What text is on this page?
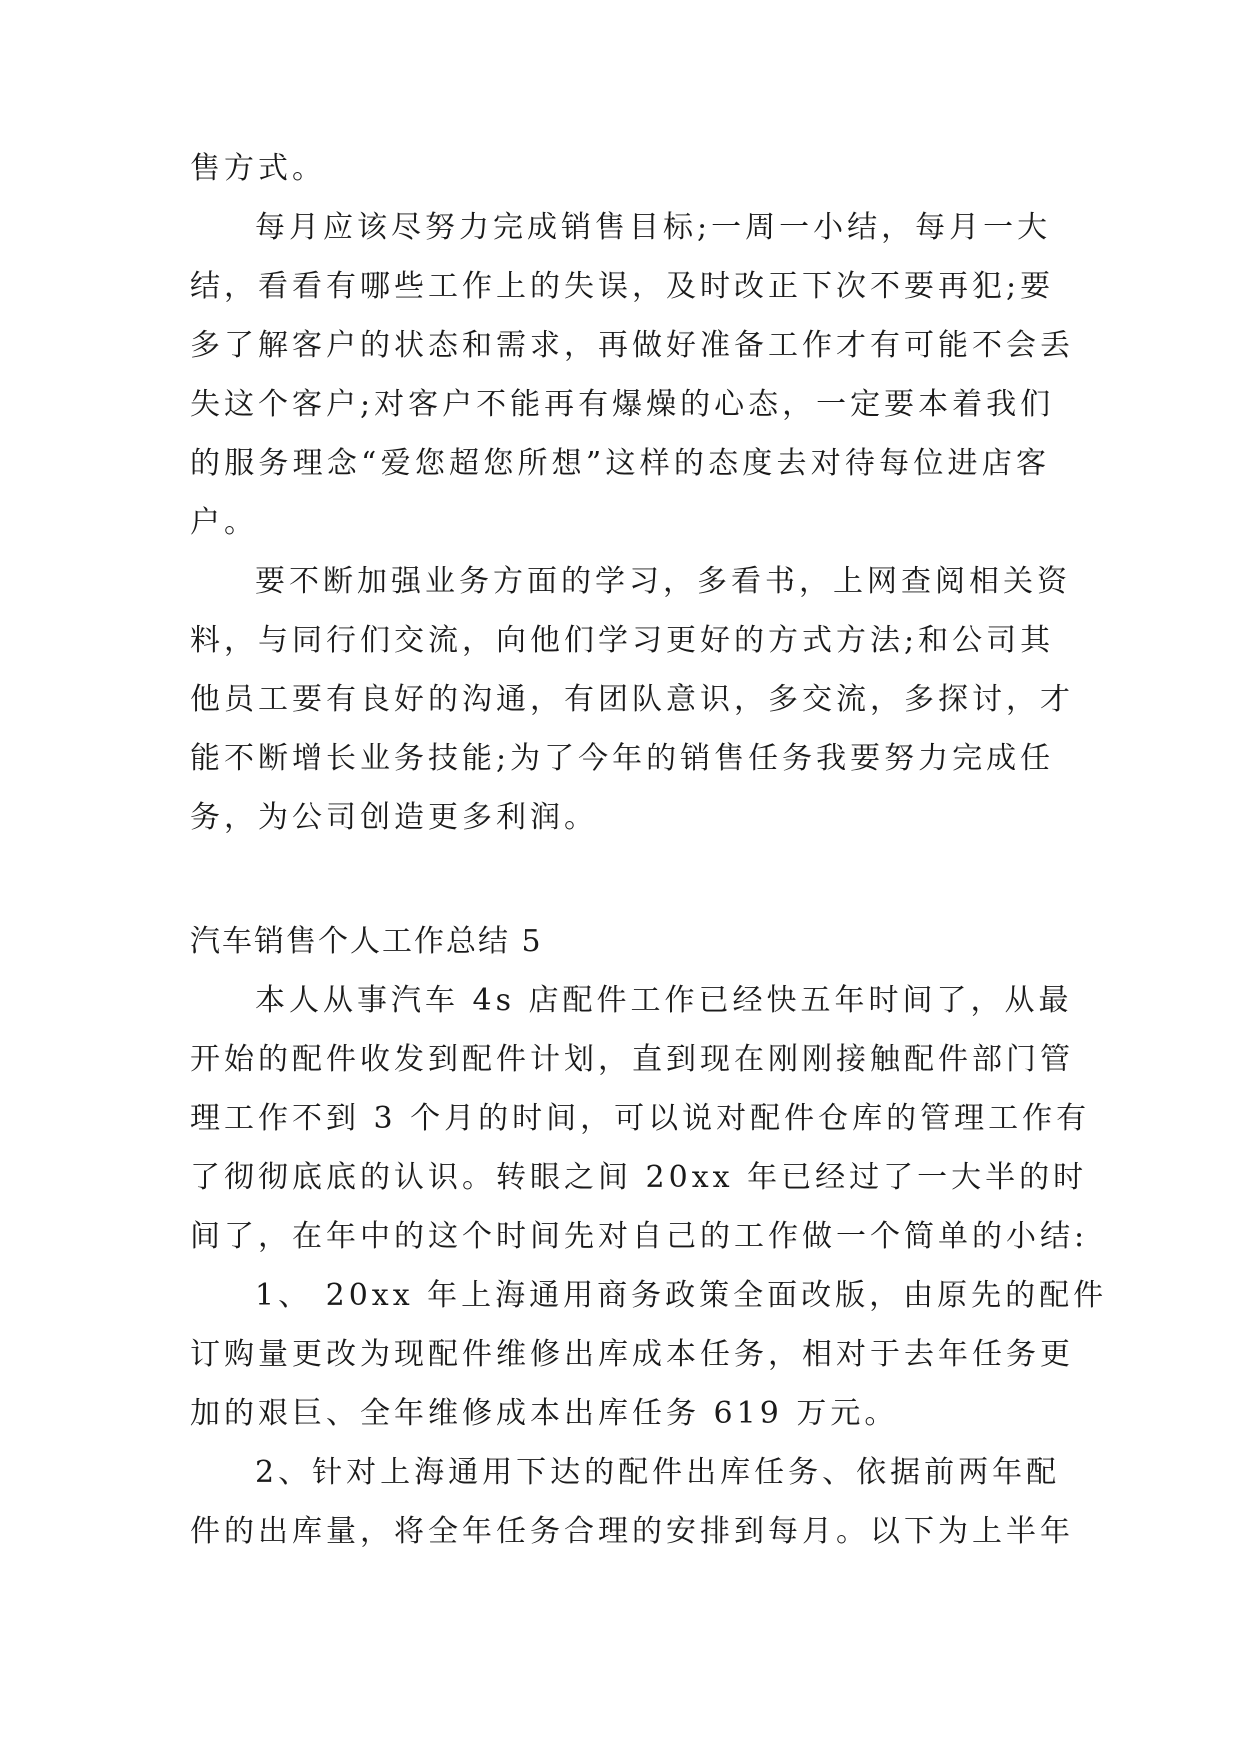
售方式。
每月应该尽努力完成销售目标;一周一小结，每月一大
结，看看有哪些工作上的失误，及时改正下次不要再犯;要
多了解客户的状态和需求，再做好准备工作才有可能不会丢
失这个客户;对客户不能再有爆燥的心态，一定要本着我们
的服务理念“爱您超您所想”这样的态度去对待每位进店客
户。
要不断加强业务方面的学习，多看书，上网查阅相关资
料，与同行们交流，向他们学习更好的方式方法;和公司其
他员工要有良好的沟通，有团队意识，多交流，多探讨，才
能不断增长业务技能;为了今年的销售任务我要努力完成任
务，为公司创造更多利润。
汽车销售个人工作总结 5
本人从事汽车 4s 店配件工作已经快五年时间了，从最
开始的配件收发到配件计划，直到现在刚刚接触配件部门管
理工作不到 3 个月的时间，可以说对配件仓库的管理工作有
了彻彻底底的认识。转眼之间 20xx 年已经过了一大半的时
间了，在年中的这个时间先对自己的工作做一个简单的小结:
1、 20xx 年上海通用商务政策全面改版，由原先的配件
订购量更改为现配件维修出库成本任务，相对于去年任务更
加的艰巨、全年维修成本出库任务 619 万元。
2、针对上海通用下达的配件出库任务、依据前两年配
件的出库量，将全年任务合理的安排到每月。以下为上半年
